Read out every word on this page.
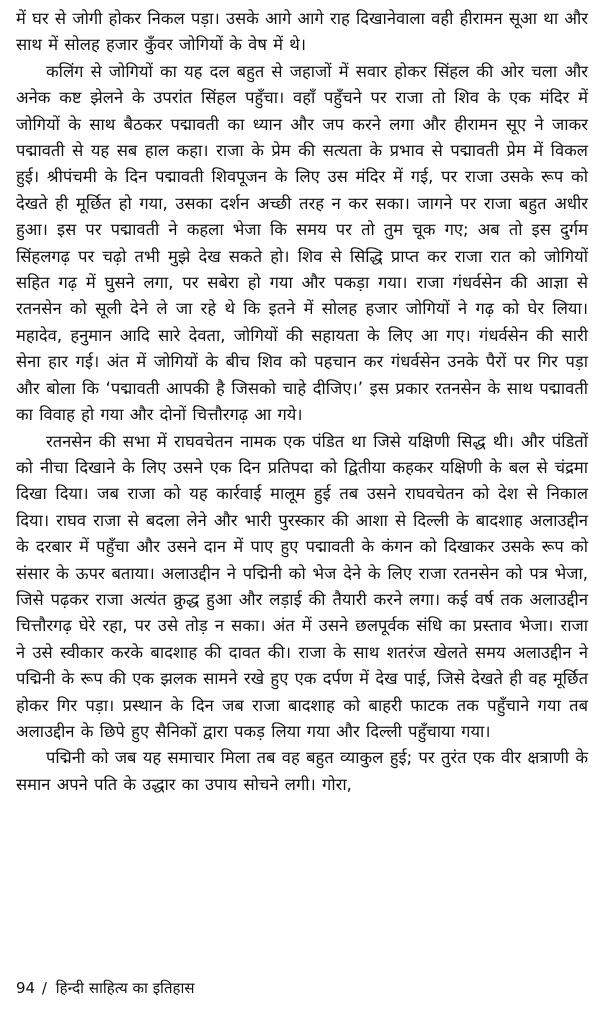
में घर से जोगी होकर निकल पड़ा। उसके आगे आगे राह दिखानेवाला वही हीरामन सूआ था और साथ में सोलह हजार कुँवर जोगियों के वेष में थे।

कलिंग से जोगियों का यह दल बहुत से जहाजों में सवार होकर सिंहल की ओर चला और अनेक कष्ट झेलने के उपरांत सिंहल पहुँचा। वहाँ पहुँचने पर राजा तो शिव के एक मंदिर में जोगियों के साथ बैठकर पद्मावती का ध्यान और जप करने लगा और हीरामन सूए ने जाकर पद्मावती से यह सब हाल कहा। राजा के प्रेम की सत्यता के प्रभाव से पद्मावती प्रेम में विकल हुई। श्रीपंचमी के दिन पद्मावती शिवपूजन के लिए उस मंदिर में गई, पर राजा उसके रूप को देखते ही मूर्छित हो गया, उसका दर्शन अच्छी तरह न कर सका। जागने पर राजा बहुत अधीर हुआ। इस पर पद्मावती ने कहला भेजा कि समय पर तो तुम चूक गए; अब तो इस दुर्गम सिंहलगढ़ पर चढ़ो तभी मुझे देख सकते हो। शिव से सिद्धि प्राप्त कर राजा रात को जोगियों सहित गढ़ में घुसने लगा, पर सबेरा हो गया और पकड़ा गया। राजा गंधर्वसेन की आज्ञा से रतनसेन को सूली देने ले जा रहे थे कि इतने में सोलह हजार जोगियों ने गढ़ को घेर लिया। महादेव, हनुमान आदि सारे देवता, जोगियों की सहायता के लिए आ गए। गंधर्वसेन की सारी सेना हार गई। अंत में जोगियों के बीच शिव को पहचान कर गंधर्वसेन उनके पैरों पर गिर पड़ा और बोला कि ‘पद्मावती आपकी है जिसको चाहे दीजिए।’ इस प्रकार रतनसेन के साथ पद्मावती का विवाह हो गया और दोनों चित्तौरगढ़ आ गये।

रतनसेन की सभा में राघवचेतन नामक एक पंडित था जिसे यक्षिणी सिद्ध थी। और पंडितों को नीचा दिखाने के लिए उसने एक दिन प्रतिपदा को द्वितीया कहकर यक्षिणी के बल से चंद्रमा दिखा दिया। जब राजा को यह कार्रवाई मालूम हुई तब उसने राघवचेतन को देश से निकाल दिया। राघव राजा से बदला लेने और भारी पुरस्कार की आशा से दिल्ली के बादशाह अलाउद्दीन के दरबार में पहुँचा और उसने दान में पाए हुए पद्मावती के कंगन को दिखाकर उसके रूप को संसार के ऊपर बताया। अलाउद्दीन ने पद्मिनी को भेज देने के लिए राजा रतनसेन को पत्र भेजा, जिसे पढ़कर राजा अत्यंत क्रुद्ध हुआ और लड़ाई की तैयारी करने लगा। कई वर्ष तक अलाउद्दीन चित्तौरगढ़ घेरे रहा, पर उसे तोड़ न सका। अंत में उसने छलपूर्वक संधि का प्रस्ताव भेजा। राजा ने उसे स्वीकार करके बादशाह की दावत की। राजा के साथ शतरंज खेलते समय अलाउद्दीन ने पद्मिनी के रूप की एक झलक सामने रखे हुए एक दर्पण में देख पाई, जिसे देखते ही वह मूर्छित होकर गिर पड़ा। प्रस्थान के दिन जब राजा बादशाह को बाहरी फाटक तक पहुँचाने गया तब अलाउद्दीन के छिपे हुए सैनिकों द्वारा पकड़ लिया गया और दिल्ली पहुँचाया गया।

पद्मिनी को जब यह समाचार मिला तब वह बहुत व्याकुल हुई; पर तुरंत एक वीर क्षत्राणी के समान अपने पति के उद्धार का उपाय सोचने लगी। गोरा,

94 / हिन्दी साहित्य का इतिहास
